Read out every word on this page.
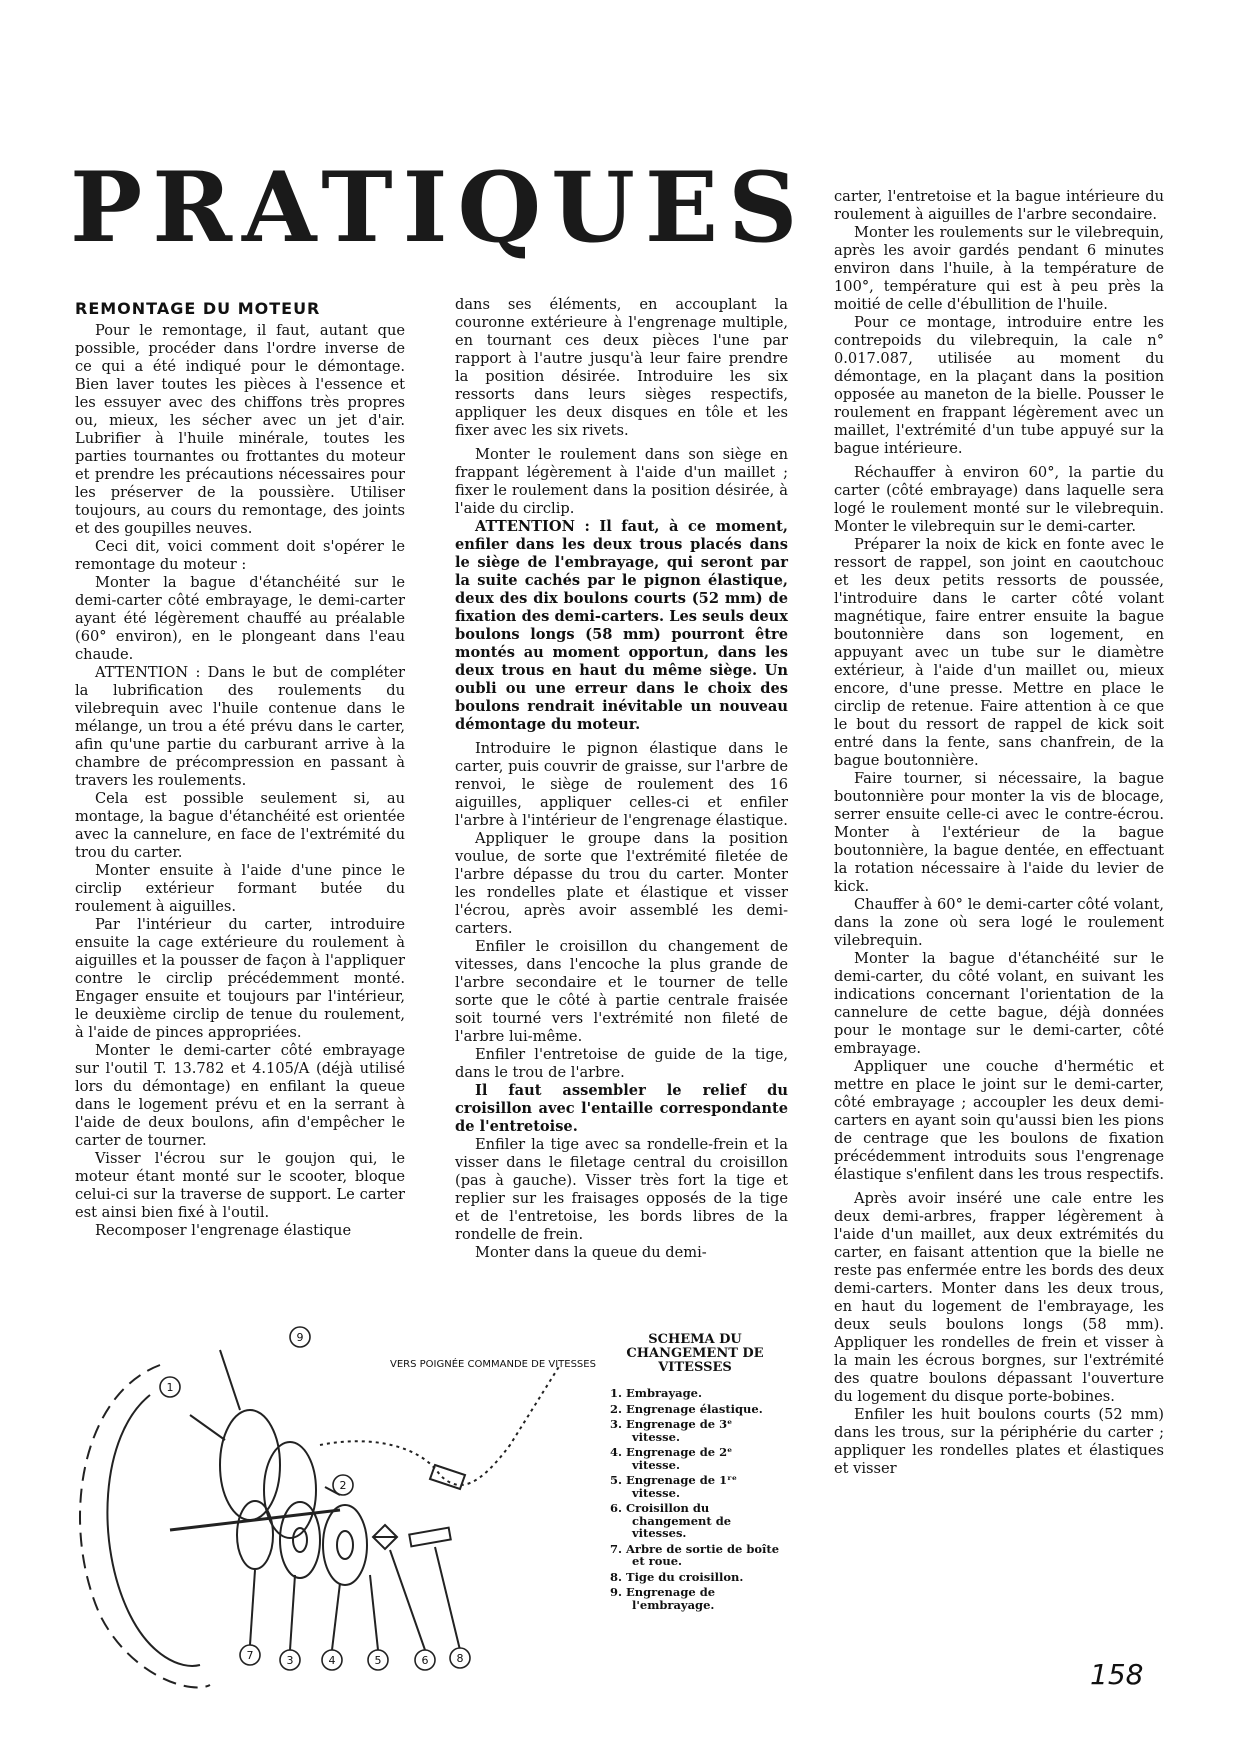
PRATIQUES

REMONTAGE DU MOTEUR

Pour le remontage, il faut, autant que possible, procéder dans l'ordre inverse de ce qui a été indiqué pour le démontage. Bien laver toutes les pièces à l'essence et les essuyer avec des chiffons très propres ou, mieux, les sécher avec un jet d'air. Lubrifier à l'huile minérale, toutes les parties tournantes ou frottantes du moteur et prendre les précautions nécessaires pour les préserver de la poussière. Utiliser toujours, au cours du remontage, des joints et des goupilles neuves.

Ceci dit, voici comment doit s'opérer le remontage du moteur :

Monter la bague d'étanchéité sur le demi-carter côté embrayage, le demi-carter ayant été légèrement chauffé au préalable (60° environ), en le plongeant dans l'eau chaude.

ATTENTION : Dans le but de compléter la lubrification des roulements du vilebrequin avec l'huile contenue dans le mélange, un trou a été prévu dans le carter, afin qu'une partie du carburant arrive à la chambre de précompression en passant à travers les roulements.

Cela est possible seulement si, au montage, la bague d'étanchéité est orientée avec la cannelure, en face de l'extrémité du trou du carter.

Monter ensuite à l'aide d'une pince le circlip extérieur formant butée du roulement à aiguilles.

Par l'intérieur du carter, introduire ensuite la cage extérieure du roulement à aiguilles et la pousser de façon à l'appliquer contre le circlip précédemment monté. Engager ensuite et toujours par l'intérieur, le deuxième circlip de tenue du roulement, à l'aide de pinces appropriées.

Monter le demi-carter côté embrayage sur l'outil T. 13.782 et 4.105/A (déjà utilisé lors du démontage) en enfilant la queue dans le logement prévu et en la serrant à l'aide de deux boulons, afin d'empêcher le carter de tourner.

Visser l'écrou sur le goujon qui, le moteur étant monté sur le scooter, bloque celui-ci sur la traverse de support. Le carter est ainsi bien fixé à l'outil.

Recomposer l'engrenage élastique

dans ses éléments, en accouplant la couronne extérieure à l'engrenage multiple, en tournant ces deux pièces l'une par rapport à l'autre jusqu'à leur faire prendre la position désirée. Introduire les six ressorts dans leurs sièges respectifs, appliquer les deux disques en tôle et les fixer avec les six rivets.

Monter le roulement dans son siège en frappant légèrement à l'aide d'un maillet ; fixer le roulement dans la position désirée, à l'aide du circlip.

ATTENTION : Il faut, à ce moment, enfiler dans les deux trous placés dans le siège de l'embrayage, qui seront par la suite cachés par le pignon élastique, deux des dix boulons courts (52 mm) de fixation des demi-carters. Les seuls deux boulons longs (58 mm) pourront être montés au moment opportun, dans les deux trous en haut du même siège. Un oubli ou une erreur dans le choix des boulons rendrait inévitable un nouveau démontage du moteur.

Introduire le pignon élastique dans le carter, puis couvrir de graisse, sur l'arbre de renvoi, le siège de roulement des 16 aiguilles, appliquer celles-ci et enfiler l'arbre à l'intérieur de l'engrenage élastique.

Appliquer le groupe dans la position voulue, de sorte que l'extrémité filetée de l'arbre dépasse du trou du carter. Monter les rondelles plate et élastique et visser l'écrou, après avoir assemblé les demi-carters.

Enfiler le croisillon du changement de vitesses, dans l'encoche la plus grande de l'arbre secondaire et le tourner de telle sorte que le côté à partie centrale fraisée soit tourné vers l'extrémité non fileté de l'arbre lui-même.

Enfiler l'entretoise de guide de la tige, dans le trou de l'arbre.

Il faut assembler le relief du croisillon avec l'entaille correspondante de l'entretoise.

Enfiler la tige avec sa rondelle-frein et la visser dans le filetage central du croisillon (pas à gauche). Visser très fort la tige et replier sur les fraisages opposés de la tige et de l'entretoise, les bords libres de la rondelle de frein.

Monter dans la queue du demi-

carter, l'entretoise et la bague intérieure du roulement à aiguilles de l'arbre secondaire.

Monter les roulements sur le vilebrequin, après les avoir gardés pendant 6 minutes environ dans l'huile, à la température de 100°, température qui est à peu près la moitié de celle d'ébullition de l'huile.

Pour ce montage, introduire entre les contrepoids du vilebrequin, la cale n° 0.017.087, utilisée au moment du démontage, en la plaçant dans la position opposée au maneton de la bielle. Pousser le roulement en frappant légèrement avec un maillet, l'extrémité d'un tube appuyé sur la bague intérieure.

Réchauffer à environ 60°, la partie du carter (côté embrayage) dans laquelle sera logé le roulement monté sur le vilebrequin. Monter le vilebrequin sur le demi-carter.

Préparer la noix de kick en fonte avec le ressort de rappel, son joint en caoutchouc et les deux petits ressorts de poussée, l'introduire dans le carter côté volant magnétique, faire entrer ensuite la bague boutonnière dans son logement, en appuyant avec un tube sur le diamètre extérieur, à l'aide d'un maillet ou, mieux encore, d'une presse. Mettre en place le circlip de retenue. Faire attention à ce que le bout du ressort de rappel de kick soit entré dans la fente, sans chanfrein, de la bague boutonnière.

Faire tourner, si nécessaire, la bague boutonnière pour monter la vis de blocage, serrer ensuite celle-ci avec le contre-écrou. Monter à l'extérieur de la bague boutonnière, la bague dentée, en effectuant la rotation nécessaire à l'aide du levier de kick.

Chauffer à 60° le demi-carter côté volant, dans la zone où sera logé le roulement vilebrequin.

Monter la bague d'étanchéité sur le demi-carter, du côté volant, en suivant les indications concernant l'orientation de la cannelure de cette bague, déjà données pour le montage sur le demi-carter, côté embrayage.

Appliquer une couche d'hermétic et mettre en place le joint sur le demi-carter, côté embrayage ; accoupler les deux demi-carters en ayant soin qu'aussi bien les pions de centrage que les boulons de fixation précédemment introduits sous l'engrenage élastique s'enfilent dans les trous respectifs.

Après avoir inséré une cale entre les deux demi-arbres, frapper légèrement à l'aide d'un maillet, aux deux extrémités du carter, en faisant attention que la bielle ne reste pas enfermée entre les bords des deux demi-carters. Monter dans les deux trous, en haut du logement de l'embrayage, les deux seuls boulons longs (58 mm). Appliquer les rondelles de frein et visser à la main les écrous borgnes, sur l'extrémité des quatre boulons dépassant l'ouverture du logement du disque porte-bobines.

Enfiler les huit boulons courts (52 mm) dans les trous, sur la périphérie du carter ; appliquer les rondelles plates et élastiques et visser

9
1
2
7	3	4	5	6	8
VERS POIGNÉE COMMANDE DE VITESSES
SCHEMA DU CHANGEMENT DE VITESSES
1. Embrayage.
2. Engrenage élastique.
3. Engrenage de 3ᵉ vitesse.
4. Engrenage de 2ᵉ vitesse.
5. Engrenage de 1ʳᵉ vitesse.
6. Croisillon du changement de vitesses.
7. Arbre de sortie de boîte et roue.
8. Tige du croisillon.
9. Engrenage de l'embrayage.
158
